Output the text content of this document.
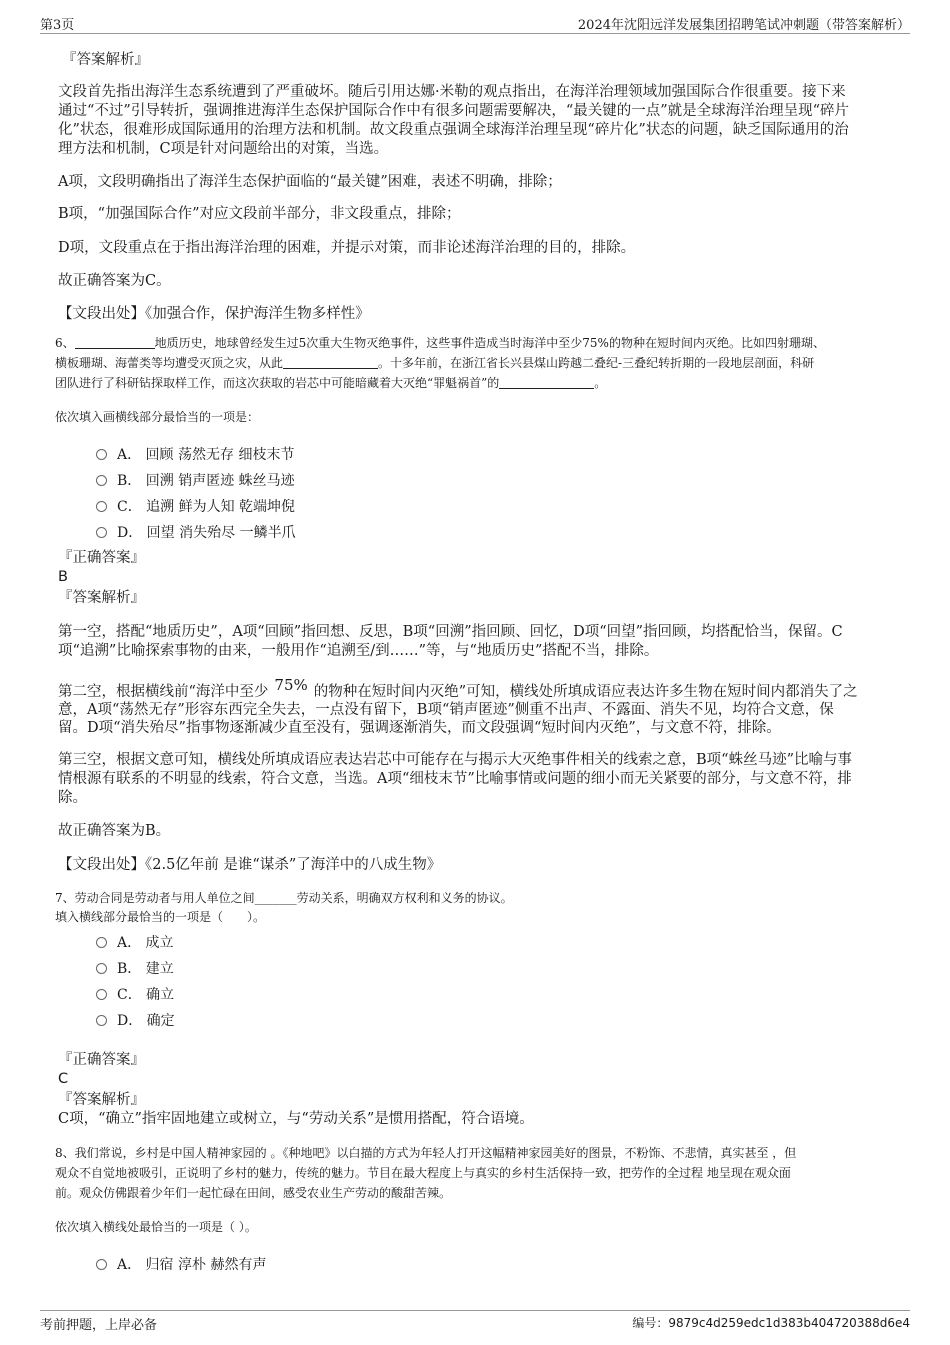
第3页	2024年沈阳远洋发展集团招聘笔试冲刺题（带答案解析）
『答案解析』
文段首先指出海洋生态系统遭到了严重破坏。随后引用达娜·米勒的观点指出，在海洋治理领域加强国际合作很重要。接下来
通过“不过”引导转折，强调推进海洋生态保护国际合作中有很多问题需要解决，“最关键的一点”就是全球海洋治理呈现“碎片
化”状态，很难形成国际通用的治理方法和机制。故文段重点强调全球海洋治理呈现“碎片化”状态的问题，缺乏国际通用的治
理方法和机制，C项是针对问题给出的对策，当选。
A项，文段明确指出了海洋生态保护面临的“最关键”困难，表述不明确，排除；
B项，“加强国际合作”对应文段前半部分，非文段重点，排除；
D项，文段重点在于指出海洋治理的困难，并提示对策，而非论述海洋治理的目的，排除。
故正确答案为C。
【文段出处】《加强合作，保护海洋生物多样性》
6、	地质历史，地球曾经发生过5次重大生物灭绝事件，这些事件造成当时海洋中至少75%的物种在短时间内灭绝。比如四射珊瑚、
横板珊瑚、海蕾类等均遭受灭顶之灾，从此	。十多年前，在浙江省长兴县煤山跨越二叠纪-三叠纪转折期的一段地层剖面，科研
团队进行了科研钻探取样工作，而这次获取的岩芯中可能暗藏着大灭绝“罪魁祸首”的	。
依次填入画横线部分最恰当的一项是：
A． 回顾 荡然无存 细枝末节
B． 回溯 销声匿迹 蛛丝马迹
C． 追溯 鲜为人知 乾端坤倪
D． 回望 消失殆尽 一鳞半爪
『正确答案』
B
『答案解析』
第一空，搭配“地质历史”，A项“回顾”指回想、反思，B项“回溯”指回顾、回忆，D项“回望”指回顾，均搭配恰当，保留。C
项“追溯”比喻探索事物的由来，一般用作“追溯至/到……”等，与“地质历史”搭配不当，排除。
第二空，根据横线前“海洋中至少 75% 的物种在短时间内灭绝”可知，横线处所填成语应表达许多生物在短时间内都消失了之
意，A项“荡然无存”形容东西完全失去，一点没有留下，B项“销声匿迹”侧重不出声、不露面、消失不见，均符合文意，保
留。D项“消失殆尽”指事物逐渐减少直至没有，强调逐渐消失，而文段强调“短时间内灭绝”，与文意不符，排除。
第三空，根据文意可知，横线处所填成语应表达岩芯中可能存在与揭示大灭绝事件相关的线索之意，B项“蛛丝马迹”比喻与事
情根源有联系的不明显的线索，符合文意，当选。A项“细枝末节”比喻事情或问题的细小而无关紧要的部分，与文意不符，排
除。
故正确答案为B。
【文段出处】《2.5亿年前 是谁“谋杀”了海洋中的八成生物》
7、劳动合同是劳动者与用人单位之间_______劳动关系，明确双方权利和义务的协议。
填入横线部分最恰当的一项是（　　）。
A． 成立
B． 建立
C． 确立
D． 确定
『正确答案』
C
『答案解析』
C项，“确立”指牢固地建立或树立，与“劳动关系”是惯用搭配，符合语境。
8、我们常说，乡村是中国人精神家园的 。《种地吧》以白描的方式为年轻人打开这幅精神家园美好的图景，不粉饰、不悲情，真实甚至 ，但
观众不自觉地被吸引，正说明了乡村的魅力，传统的魅力。节目在最大程度上与真实的乡村生活保持一致，把劳作的全过程 地呈现在观众面
前。观众仿佛跟着少年们一起忙碌在田间，感受农业生产劳动的酸甜苦辣。
依次填入横线处最恰当的一项是（ ）。
A． 归宿 淳朴 赫然有声
考前押题，上岸必备	编号：9879c4d259edc1d383b404720388d6e4
